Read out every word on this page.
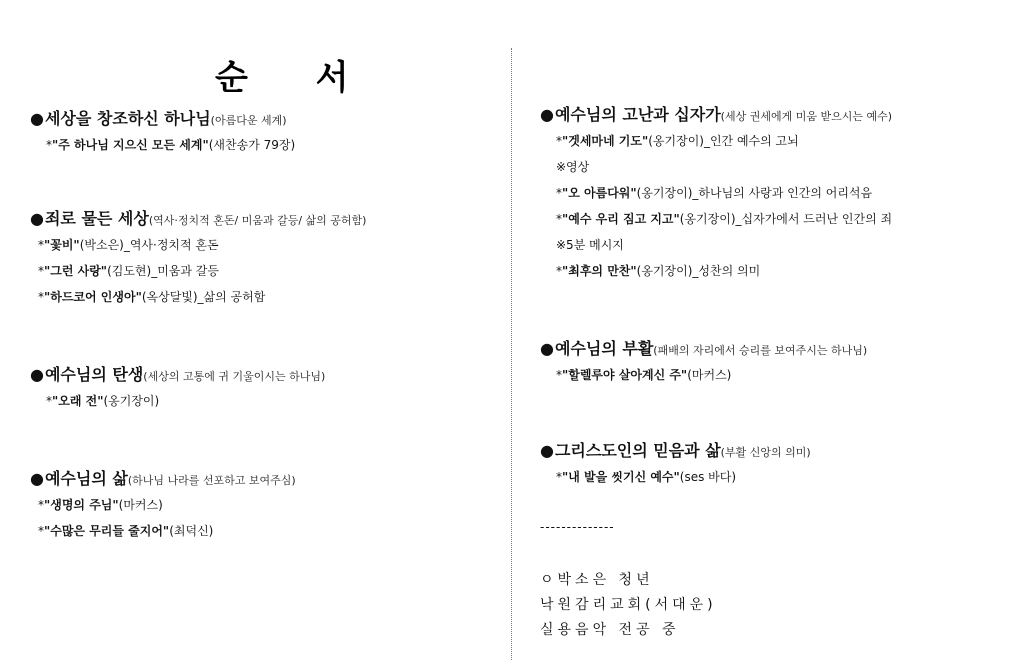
순 서
●세상을 창조하신 하나님(아름다운 세계)
*"주 하나님 지으신 모든 세계"(새찬송가 79장)
●죄로 물든 세상(역사·정치적 혼돈/ 미움과 갈등/ 삶의 공허함)
*"꽃비"(박소은)_역사·정치적 혼돈
*"그런 사랑"(김도현)_미움과 갈등
*"하드코어 인생아"(옥상달빛)_삶의 공허함
●예수님의 탄생(세상의 고통에 귀 기울이시는 하나님)
*"오래 전"(옹기장이)
●예수님의 삶(하나님 나라를 선포하고 보여주심)
*"생명의 주님"(마커스)
*"수많은 무리들 줄지어"(최덕신)
●예수님의 고난과 십자가(세상 권세에게 미움 받으시는 예수)
*"겟세마네 기도"(옹기장이)_인간 예수의 고뇌
※영상
*"오 아름다워"(옹기장이)_하나님의 사랑과 인간의 어리석음
*"예수 우리 짐고 지고"(옹기장이)_십자가에서 드러난 인간의 죄
※5분 메시지
*"최후의 만찬"(옹기장이)_성찬의 의미
●예수님의 부활(패배의 자리에서 승리를 보여주시는 하나님)
*"할렐루야 살아계신 주"(마커스)
●그리스도인의 믿음과 삶(부활 신앙의 의미)
*"내 발을 씻기신 예수"(ses 바다)
--------------
ㅇ박소은 청년
낙원감리교회(서대운)
실용음악 전공 중
